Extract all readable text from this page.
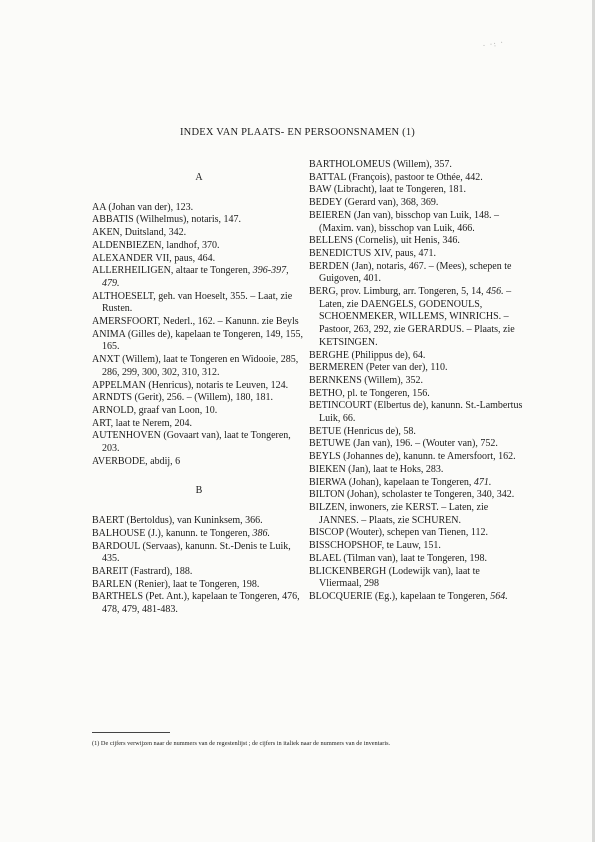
· ·: ·
INDEX VAN PLAATS- EN PERSOONSNAMEN (1)

A

AA (Johan van der), 123.

ABBATIS (Wilhelmus), notaris, 147.

AKEN, Duitsland, 342.

ALDENBIEZEN, landhof, 370.

ALEXANDER VII, paus, 464.

ALLERHEILIGEN, altaar te Tongeren, 396-397, 479.

ALTHOESELT, geh. van Hoeselt, 355. – Laat, zie Rusten.

AMERSFOORT, Nederl., 162. – Kanunn. zie Beyls

ANIMA (Gilles de), kapelaan te Tongeren, 149, 155, 165.

ANXT (Willem), laat te Tongeren en Widooie, 285, 286, 299, 300, 302, 310, 312.

APPELMAN (Henricus), notaris te Leuven, 124.

ARNDTS (Gerit), 256. – (Willem), 180, 181.

ARNOLD, graaf van Loon, 10.

ART, laat te Nerem, 204.

AUTENHOVEN (Govaart van), laat te Tongeren, 203.

AVERBODE, abdij, 6

B

BAERT (Bertoldus), van Kuninksem, 366.

BALHOUSE (J.), kanunn. te Tongeren, 386.

BARDOUL (Servaas), kanunn. St.-Denis te Luik, 435.

BAREIT (Fastrard), 188.

BARLEN (Renier), laat te Tongeren, 198.

BARTHELS (Pet. Ant.), kapelaan te Tongeren, 476, 478, 479, 481-483.

BARTHOLOMEUS (Willem), 357.

BATTAL (François), pastoor te Othée, 442.

BAW (Libracht), laat te Tongeren, 181.

BEDEY (Gerard van), 368, 369.

BEIEREN (Jan van), bisschop van Luik, 148. – (Maxim. van), bisschop van Luik, 466.

BELLENS (Cornelis), uit Henis, 346.

BENEDICTUS XIV, paus, 471.

BERDEN (Jan), notaris, 467. – (Mees), schepen te Guigoven, 401.

BERG, prov. Limburg, arr. Tongeren, 5, 14, 456. – Laten, zie DAENGELS, GODENOULS, SCHOENMEKER, WILLEMS, WINRICHS. – Pastoor, 263, 292, zie GERARDUS. – Plaats, zie KETSINGEN.

BERGHE (Philippus de), 64.

BERMEREN (Peter van der), 110.

BERNKENS (Willem), 352.

BETHO, pl. te Tongeren, 156.

BETINCOURT (Elbertus de), kanunn. St.-Lambertus Luik, 66.

BETUE (Henricus de), 58.

BETUWE (Jan van), 196. – (Wouter van), 752.

BEYLS (Johannes de), kanunn. te Amersfoort, 162.

BIEKEN (Jan), laat te Hoks, 283.

BIERWA (Johan), kapelaan te Tongeren, 471.

BILTON (Johan), scholaster te Tongeren, 340, 342.

BILZEN, inwoners, zie KERST. – Laten, zie JANNES. – Plaats, zie SCHUREN.

BISCOP (Wouter), schepen van Tienen, 112.

BISSCHOPSHOF, te Lauw, 151.

BLAEL (Tilman van), laat te Tongeren, 198.

BLICKENBERGH (Lodewijk van), laat te Vliermaal, 298

BLOCQUERIE (Eg.), kapelaan te Tongeren, 564.

(1) De cijfers verwijzen naar de nummers van de regestenlijst ; de cijfers in italiek naar de nummers van de inventaris.
